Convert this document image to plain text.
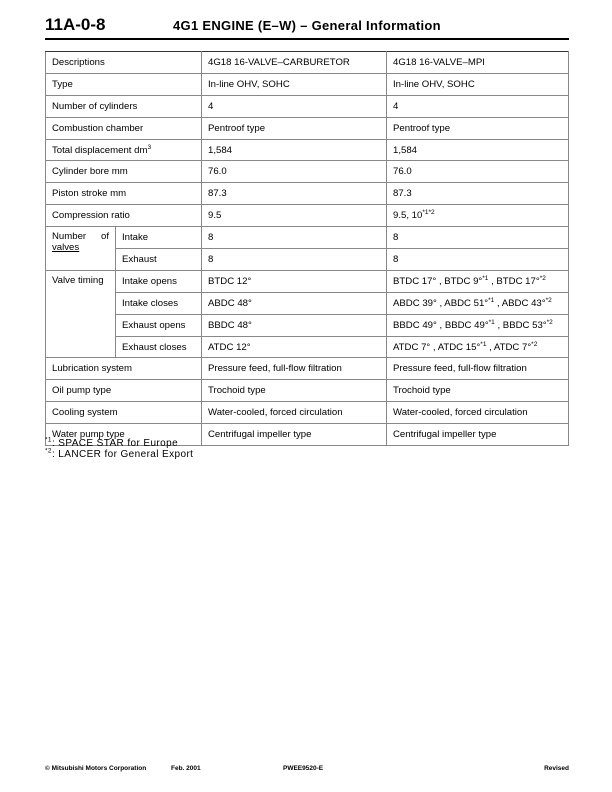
11A-0-8	4G1 ENGINE (E–W) – General Information
Descriptions		4G18 16-VALVE–CARBURETOR	4G18 16-VALVE–MPI
Type		In-line OHV, SOHC	In-line OHV, SOHC
Number of cylinders		4	4
Combustion chamber		Pentroof type	Pentroof type
Total displacement $dm^3$		1,584	1,584
Cylinder bore mm		76.0	76.0
Piston stroke mm		87.3	87.3
Compression ratio		9.5	9.5, $10^{*1*2}$

Number of
valves	Intake	8	8
	Exhaust	8	8
Valve timing	Intake opens	BTDC 12°	BTDC 17° , BTDC 9°$^{*1}$ , BTDC 17°$^{*2}$
	Intake closes	ABDC 48°	ABDC 39° , ABDC 51°$^{*1}$ , ABDC 43°$^{*2}$
	Exhaust opens	BBDC 48°	BBDC 49° , BBDC 49°$^{*1}$ , BBDC 53°$^{*2}$
	Exhaust closes	ATDC 12°	ATDC 7° , ATDC 15°$^{*1}$ , ATDC 7°$^{*2}$
Lubrication system		Pressure feed, full-flow filtration	Pressure feed, full-flow filtration
Oil pump type		Trochoid type	Trochoid type
Cooling system		Water-cooled, forced circulation	Water-cooled, forced circulation
Water pump type		Centrifugal impeller type	Centrifugal impeller type
$^{*1}$: SPACE STAR for Europe
$^{*2}$: LANCER for General Export
© Mitsubishi Motors Corporation	Feb. 2001	PWEE9520-E	Revised
